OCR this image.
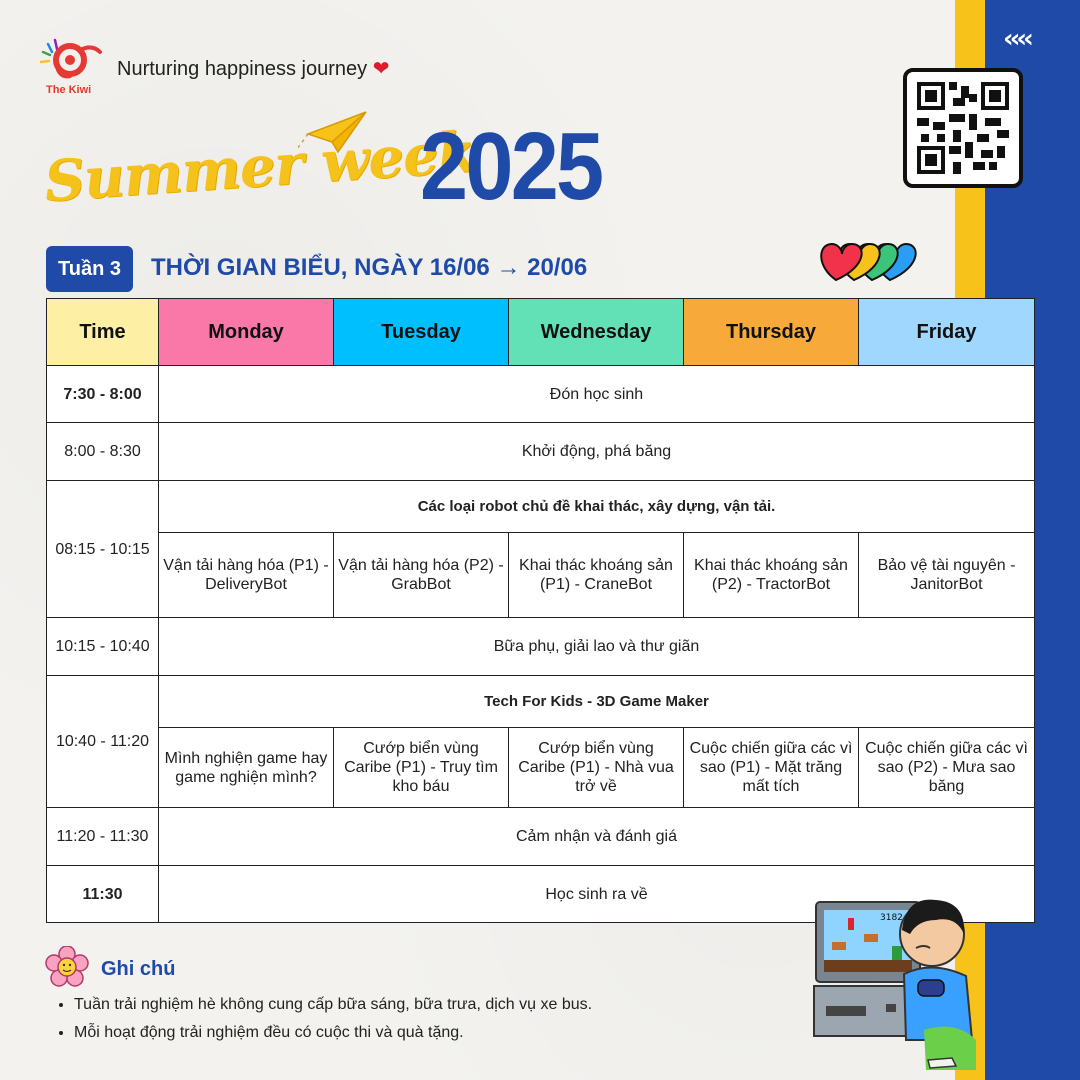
‹‹‹‹
The Kiwi
Nurturing happiness journey ❤
Summer week
2025
Tuần 3	THỜI GIAN BIỂU, NGÀY 16/06 → 20/06
Time	Monday	Tuesday	Wednesday	Thursday	Friday
7:30 - 8:00	Đón học sinh				
8:00 - 8:30	Khởi động, phá băng				
08:15 - 10:15	Các loại robot chủ đề khai thác, xây dựng, vận tải.				
	Vận tải hàng hóa (P1) - DeliveryBot	Vận tải hàng hóa (P2) - GrabBot	Khai thác khoáng sản (P1) - CraneBot	Khai thác khoáng sản (P2) - TractorBot	Bảo vệ tài nguyên - JanitorBot
10:15 - 10:40	Bữa phụ, giải lao và thư giãn				
10:40 - 11:20	Tech For Kids - 3D Game Maker				
	Mình nghiện game hay game nghiện mình?	Cướp biển vùng Caribe (P1) - Truy tìm kho báu	Cướp biển vùng Caribe (P1) - Nhà vua trở về	Cuộc chiến giữa các vì sao (P1) - Mặt trăng mất tích	Cuộc chiến giữa các vì sao (P2) - Mưa sao băng
11:20 - 11:30	Cảm nhận và đánh giá				
11:30	Học sinh ra về				
Ghi chú
• Tuần trải nghiệm hè không cung cấp bữa sáng, bữa trưa, dịch vụ xe bus.
• Mỗi hoạt động trải nghiệm đều có cuộc thi và quà tặng.
3182
